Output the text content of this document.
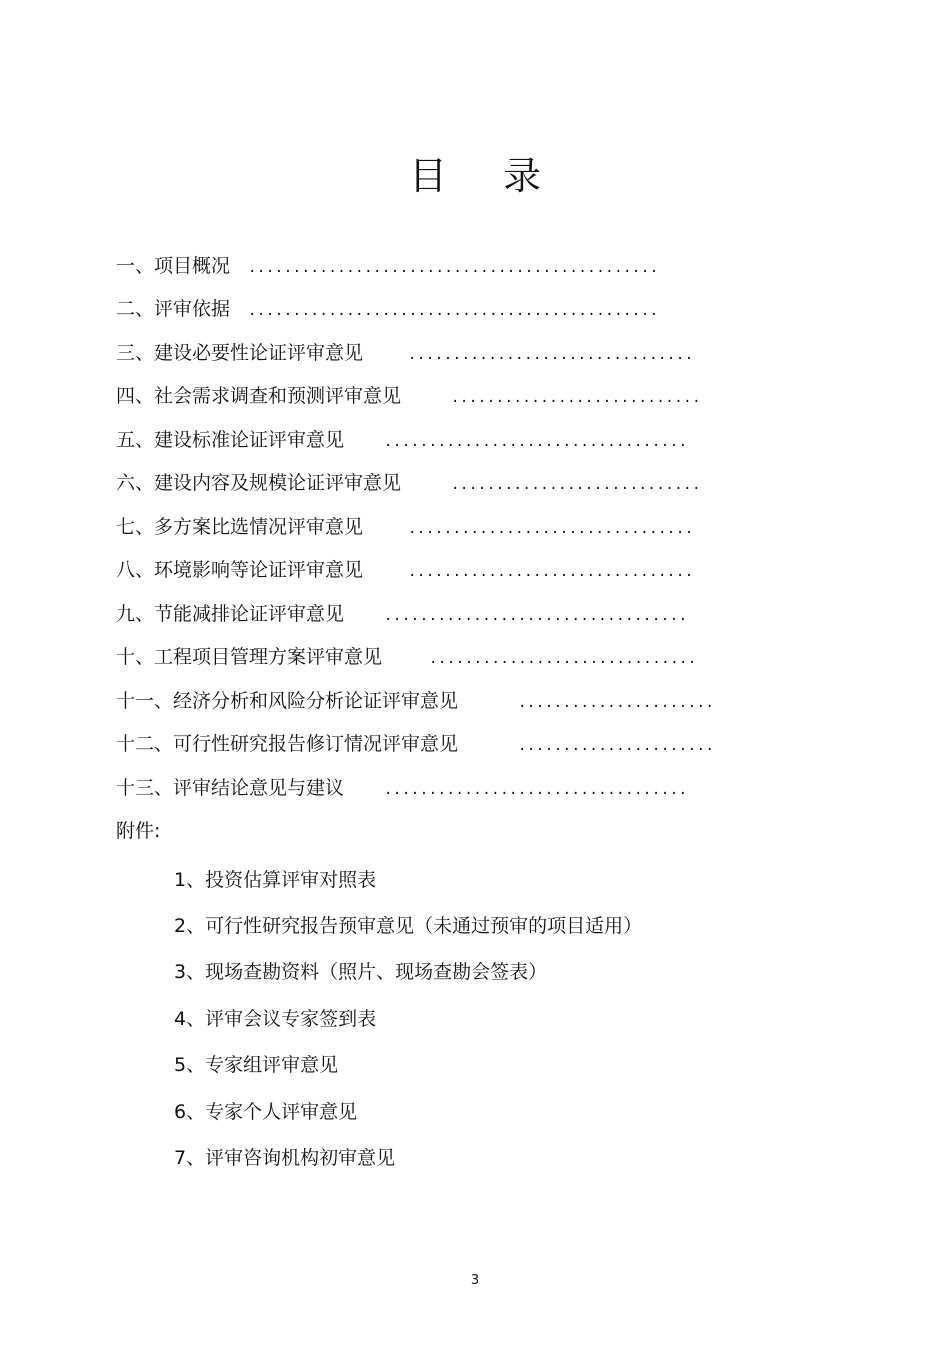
目 录
一、项目概况 ..............................................
二、评审依据 ..............................................
三、建设必要性论证评审意见	................................
四、社会需求调查和预测评审意见	............................
五、建设标准论证评审意见	..................................
六、建设内容及规模论证评审意见	............................
七、多方案比选情况评审意见	................................
八、环境影响等论证评审意见	................................
九、节能减排论证评审意见	..................................
十、工程项目管理方案评审意见	..............................
十一、经济分析和风险分析论证评审意见	......................
十二、可行性研究报告修订情况评审意见	......................
十三、评审结论意见与建议	..................................
附件:
1、投资估算评审对照表
2、可行性研究报告预审意见（未通过预审的项目适用）
3、现场查勘资料（照片、现场查勘会签表）
4、评审会议专家签到表
5、专家组评审意见
6、专家个人评审意见
7、评审咨询机构初审意见
3
